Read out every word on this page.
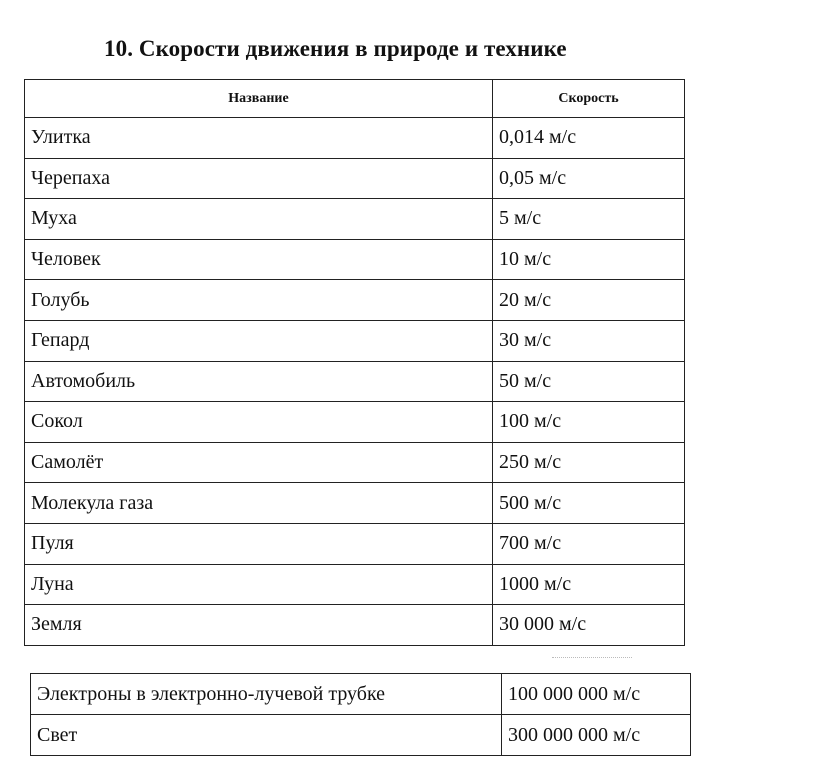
10. Скорости движения в природе и технике
Название	Скорость
Улитка	0,014 м/с
Черепаха	0,05 м/с
Муха	5 м/с
Человек	10 м/с
Голубь	20 м/с
Гепард	30 м/с
Автомобиль	50 м/с
Сокол	100 м/с
Самолёт	250 м/с
Молекула газа	500 м/с
Пуля	700 м/с
Луна	1000 м/с
Земля	30 000 м/с
Электроны в электронно-лучевой трубке	100 000 000 м/с
Свет	300 000 000 м/с
